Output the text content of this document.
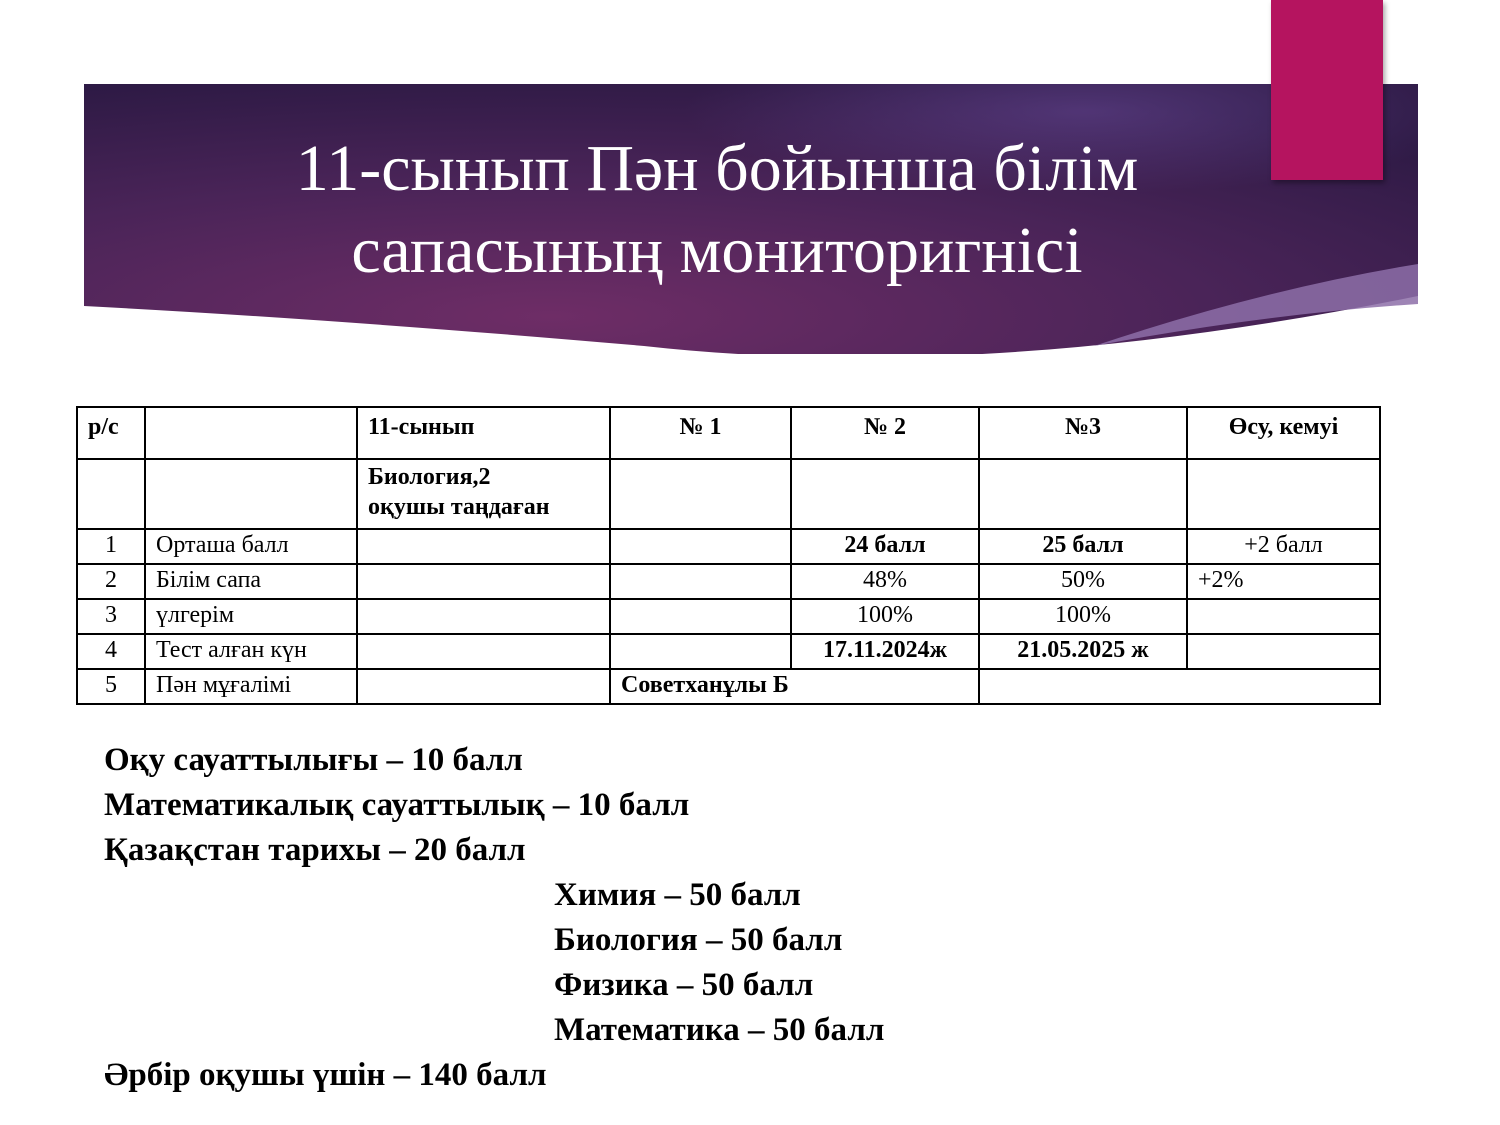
11-сынып Пән бойынша білім
сапасының мониторигнісі
р/с		11-сынып	№ 1	№ 2	№3	Өсу, кемуі

		Биология,2
оқушы таңдаған				

1	Орташа балл			24 балл	25 балл	+2 балл
2	Білім сапа			48%	50%	+2%
3	үлгерім			100%	100%	
4	Тест алған күн			17.11.2024ж	21.05.2025 ж	
5	Пән мұғалімі		Советханұлы Б			
Оқу сауаттылығы – 10 балл
Математикалық сауаттылық – 10 балл
Қазақстан тарихы – 20 балл
Химия – 50 балл
Биология – 50 балл
Физика – 50 балл
Математика – 50 балл
Әрбір оқушы үшін – 140 балл
